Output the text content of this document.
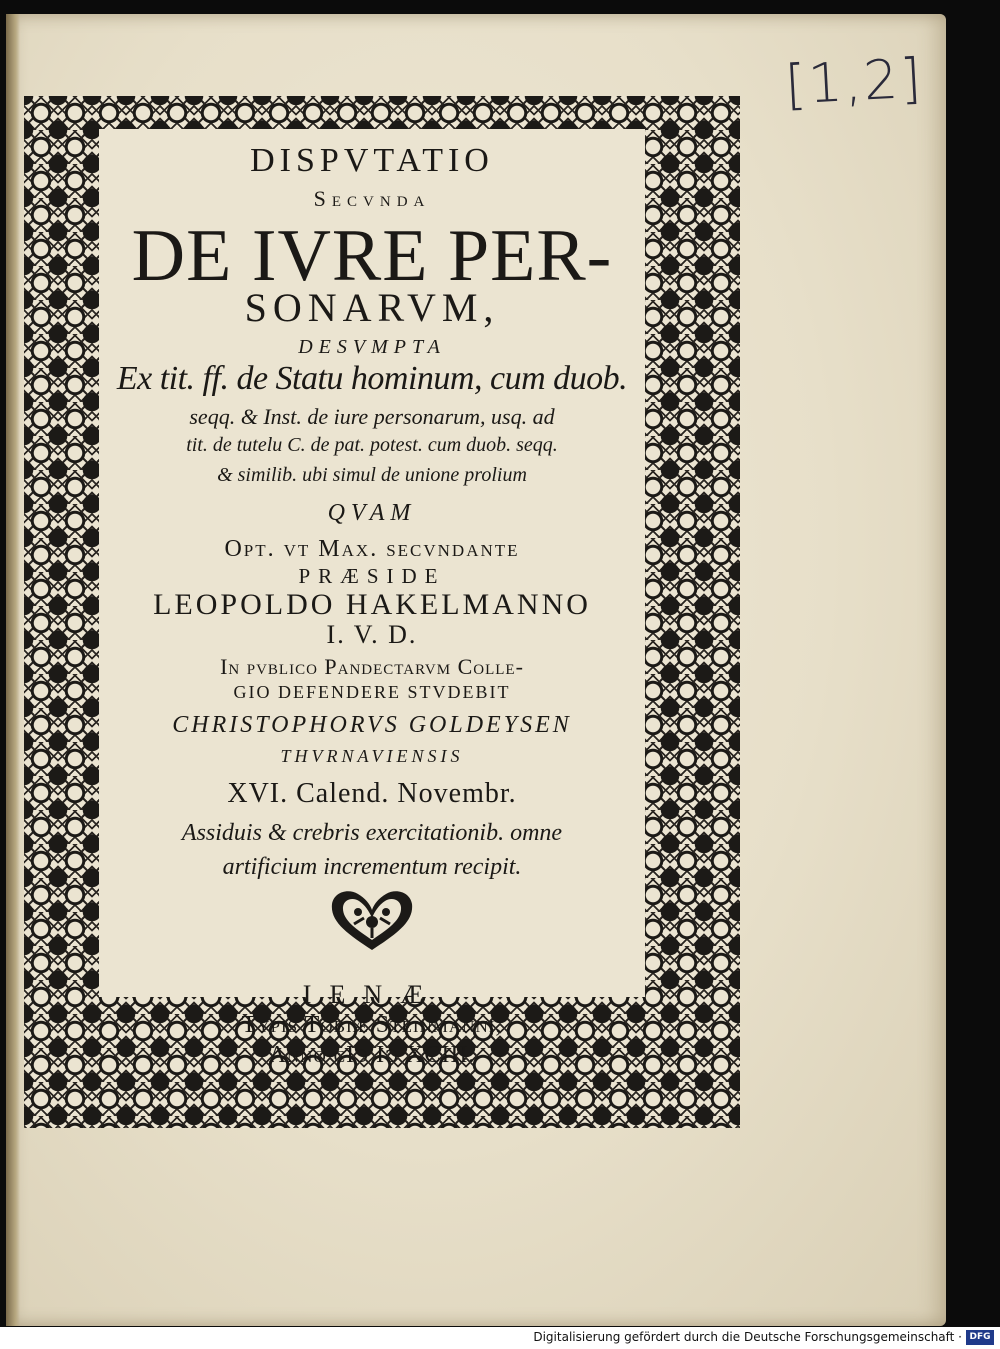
[1,2]
DISPVTATIO
Secvnda
DE IVRE PER-
SONARVM,
DESVMPTA
Ex tit. ff. de Statu hominum, cum duob.
seqq. & Inst. de iure personarum, usq. ad
tit. de tutelu C. de pat. potest. cum duob. seqq.
& similib. ubi simul de unione prolium
QVAM
Opt. vt Max. secvndante
PRÆSIDE
LEOPOLDO HAKELMANNO
I. V. D.
In pvblico Pandectarvm Colle-
GIO DEFENDERE STVDEBIT
CHRISTOPHORVS GOLDEYSEN
THVRNAVIENSIS
XVI. Calend. Novembr.
Assiduis & crebris exercitationib. omne
artificium incrementum recipit.
IENÆ
Typis Tobiæ Steinmanni,
Anno cIↄ Iↄ XCIII.
Digitalisierung gefördert durch die Deutsche Forschungsgemeinschaft · DFG
